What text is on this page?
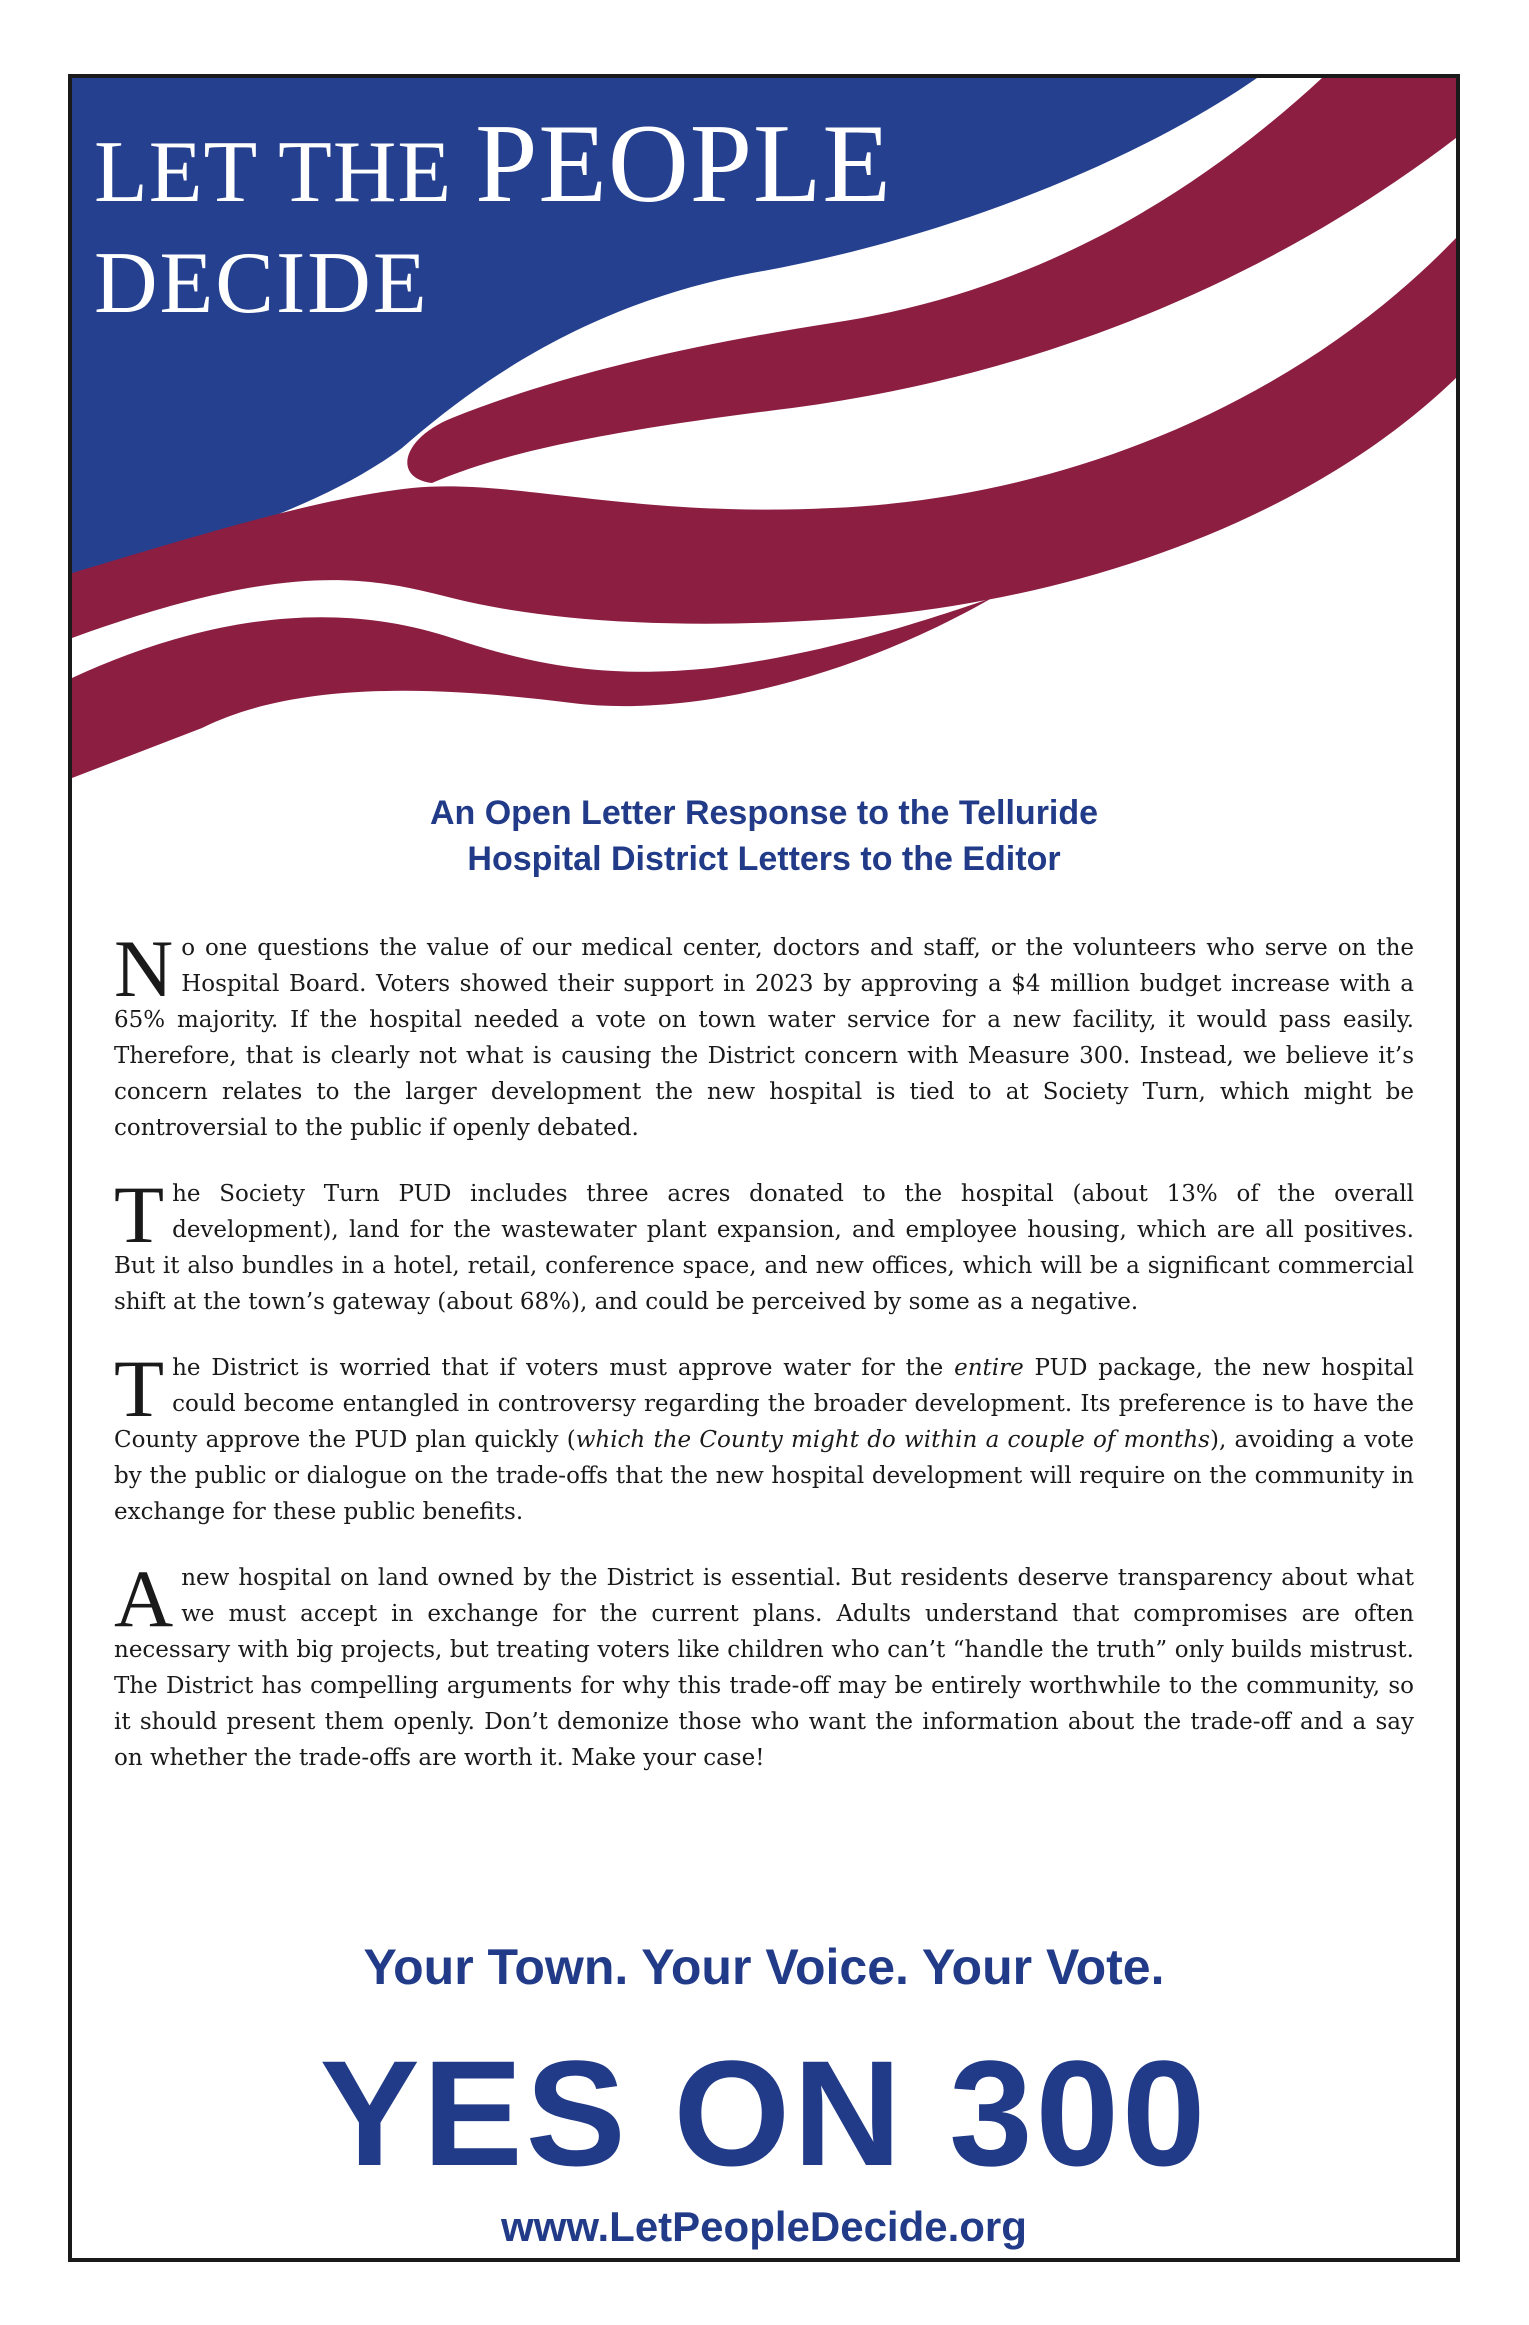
LET THE PEOPLE
DECIDE
An Open Letter Response to the Telluride
Hospital District Letters to the Editor

No one questions the value of our medical center, doctors and staff, or the volunteers who serve on the Hospital Board. Voters showed their support in 2023 by approving a $4 million budget increase with a 65% majority. If the hospital needed a vote on town water service for a new facility, it would pass easily. Therefore, that is clearly not what is causing the District concern with Measure 300. Instead, we believe it’s concern relates to the larger development the new hospital is tied to at Society Turn, which might be controversial to the public if openly debated.

The Society Turn PUD includes three acres donated to the hospital (about 13% of the overall development), land for the wastewater plant expansion, and employee housing, which are all positives. But it also bundles in a hotel, retail, conference space, and new offices, which will be a significant commercial shift at the town’s gateway (about 68%), and could be perceived by some as a negative.

The District is worried that if voters must approve water for the entire PUD package, the new hospital could become entangled in controversy regarding the broader development. Its preference is to have the County approve the PUD plan quickly (which the County might do within a couple of months), avoiding a vote by the public or dialogue on the trade-offs that the new hospital development will require on the community in exchange for these public benefits.

A new hospital on land owned by the District is essential. But residents deserve transparency about what we must accept in exchange for the current plans. Adults understand that compromises are often necessary with big projects, but treating voters like children who can’t “handle the truth” only builds mistrust. The District has compelling arguments for why this trade-off may be entirely worthwhile to the community, so it should present them openly. Don’t demonize those who want the information about the trade-off and a say on whether the trade-offs are worth it. Make your case!

Your Town. Your Voice. Your Vote.
YES ON 300
www.LetPeopleDecide.org
